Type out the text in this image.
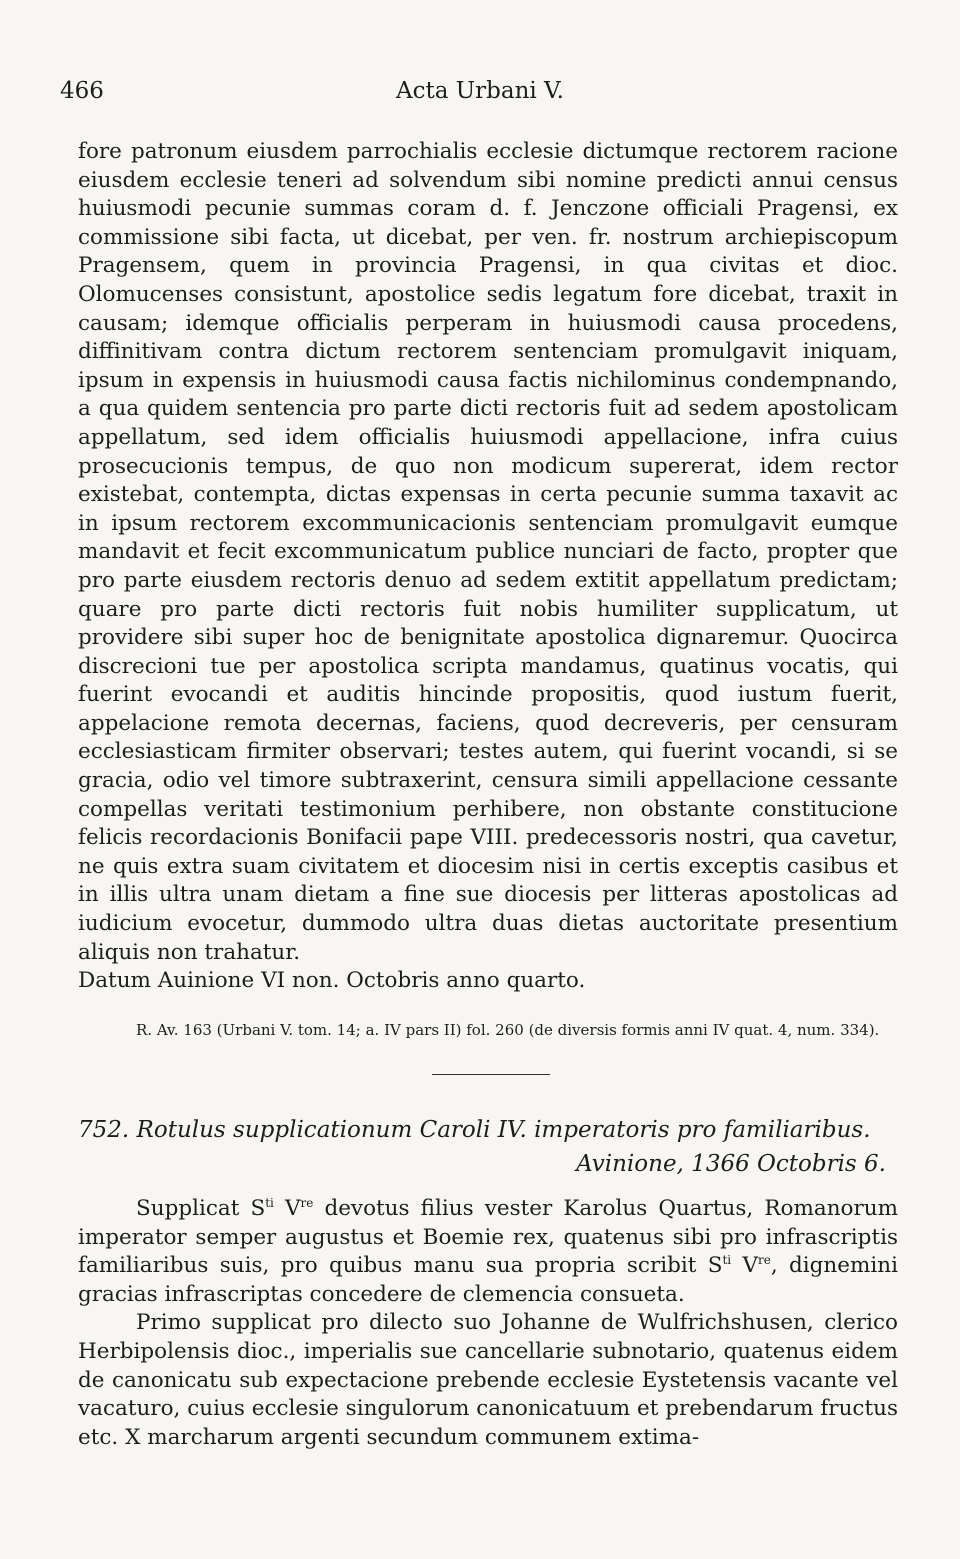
466	Acta Urbani V.

fore patronum eiusdem parrochialis ecclesie dictumque rectorem racione eiusdem ecclesie teneri ad solvendum sibi nomine predicti annui census huiusmodi pecunie summas coram d. f. Jenczone officiali Pragensi, ex commissione sibi facta, ut dicebat, per ven. fr. nostrum archiepiscopum Pragensem, quem in provincia Pragensi, in qua civitas et dioc. Olomucenses consistunt, apostolice sedis legatum fore dicebat, traxit in causam; idemque officialis perperam in huiusmodi causa procedens, diffinitivam contra dictum rectorem sentenciam promulgavit iniquam, ipsum in expensis in huiusmodi causa factis nichilominus condempnando, a qua quidem sentencia pro parte dicti rectoris fuit ad sedem apostolicam appellatum, sed idem officialis huiusmodi appellacione, infra cuius prosecucionis tempus, de quo non modicum supererat, idem rector existebat, contempta, dictas expensas in certa pecunie summa taxavit ac in ipsum rectorem excommunicacionis sentenciam promulgavit eumque mandavit et fecit excommunicatum publice nunciari de facto, propter que pro parte eiusdem rectoris denuo ad sedem extitit appellatum predictam; quare pro parte dicti rectoris fuit nobis humiliter supplicatum, ut providere sibi super hoc de benignitate apostolica dignaremur. Quocirca discrecioni tue per apostolica scripta mandamus, quatinus vocatis, qui fuerint evocandi et auditis hincinde propositis, quod iustum fuerit, appelacione remota decernas, faciens, quod decreveris, per censuram ecclesiasticam firmiter observari; testes autem, qui fuerint vocandi, si se gracia, odio vel timore subtraxerint, censura simili appellacione cessante compellas veritati testimonium perhibere, non obstante constitucione felicis recordacionis Bonifacii pape VIII. predecessoris nostri, qua cavetur, ne quis extra suam civitatem et diocesim nisi in certis exceptis casibus et in illis ultra unam dietam a fine sue diocesis per litteras apostolicas ad iudicium evocetur, dummodo ultra duas dietas auctoritate presentium aliquis non trahatur.

Datum Auinione VI non. Octobris anno quarto.

R. Av. 163 (Urbani V. tom. 14; a. IV pars II) fol. 260 (de diversis formis anni IV quat. 4, num. 334).
752. Rotulus supplicationum Caroli IV. imperatoris pro familiaribus.
Avinione, 1366 Octobris 6.

Supplicat $S^{ti}$ Vre devotus filius vester Karolus Quartus, Romanorum imperator semper augustus et Boemie rex, quatenus sibi pro infrascriptis familiaribus suis, pro quibus manu sua propria scribit $S^{ti}$ Vre, dignemini gracias infrascriptas concedere de clemencia consueta.

Primo supplicat pro dilecto suo Johanne de Wulfrichshusen, clerico Herbipolensis dioc., imperialis sue cancellarie subnotario, quatenus eidem de canonicatu sub expectacione prebende ecclesie Eystetensis vacante vel vacaturo, cuius ecclesie singulorum canonicatuum et prebendarum fructus etc. X marcharum argenti secundum communem extima-
